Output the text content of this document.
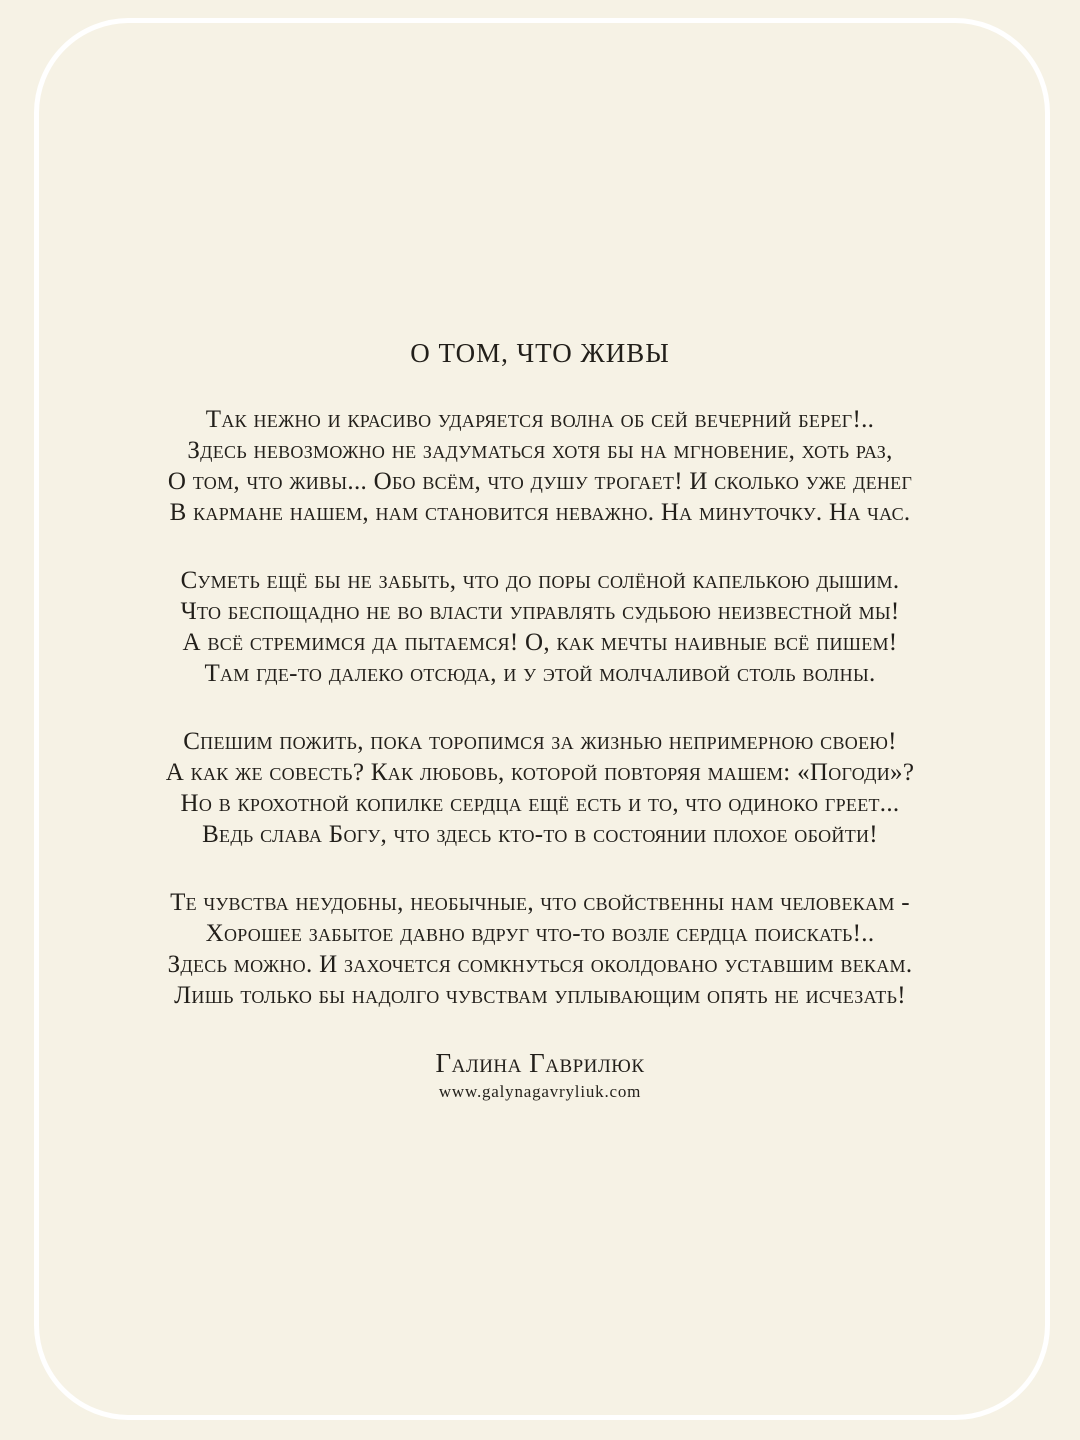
О ТОМ, ЧТО ЖИВЫ
Так нежно и красиво ударяется волна об сей вечерний берег!..
Здесь невозможно не задуматься хотя бы на мгновение, хоть раз,
О том, что живы... Обо всём, что душу трогает! И сколько уже денег
В кармане нашем, нам становится неважно. На минуточку. На час.
Суметь ещё бы не забыть, что до поры солёной капелькою дышим.
Что беспощадно не во власти управлять судьбою неизвестной мы!
А всё стремимся да пытаемся! О, как мечты наивные всё пишем!
Там где-то далеко отсюда, и у этой молчаливой столь волны.
Спешим пожить, пока торопимся за жизнью непримерною своею!
А как же совесть? Как любовь, которой повторяя машем: «Погоди»?
Но в крохотной копилке сердца ещё есть и то, что одиноко греет...
Ведь слава Богу, что здесь кто-то в состоянии плохое обойти!
Те чувства неудобны, необычные, что свойственны нам человекам -
Хорошее забытое давно вдруг что-то возле сердца поискать!..
Здесь можно. И захочется сомкнуться околдовано уставшим векам.
Лишь только бы надолго чувствам уплывающим опять не исчезать!
Галина Гаврилюк
www.galynagavryliuk.com
